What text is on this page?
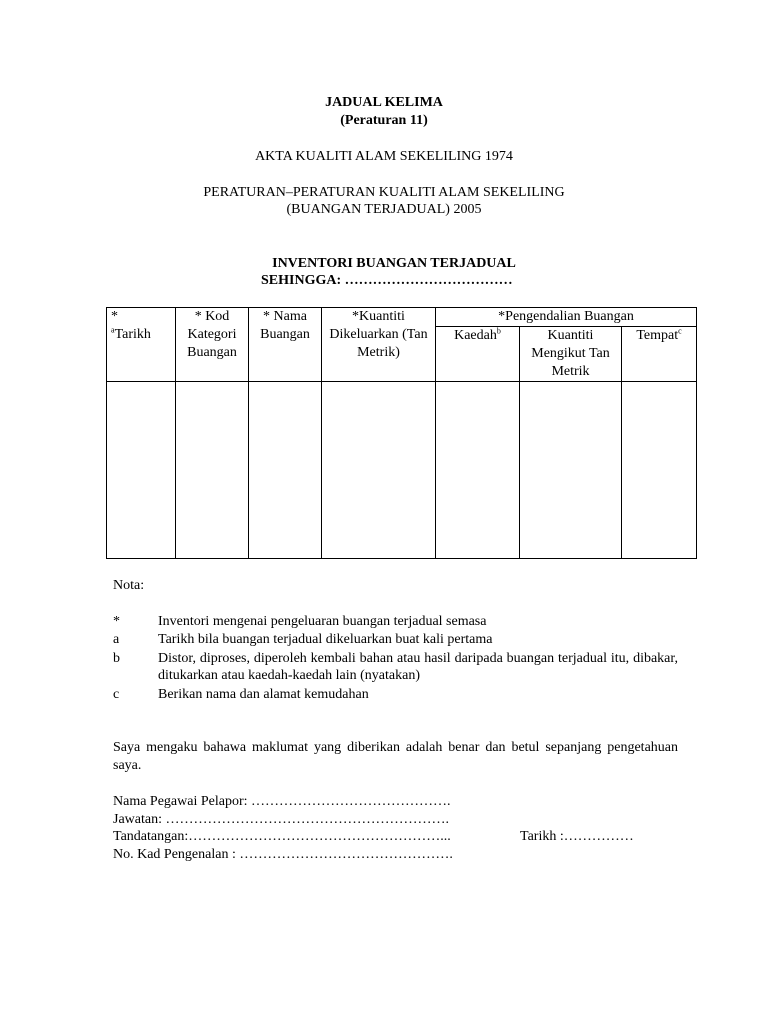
JADUAL KELIMA
(Peraturan 11)
AKTA KUALITI ALAM SEKELILING 1974
PERATURAN–PERATURAN KUALITI ALAM SEKELILING
(BUANGAN TERJADUAL) 2005
INVENTORI BUANGAN TERJADUAL
SEHINGGA: ………………………………
*
$^a$Tarikh	* Kod Kategori Buangan	* Nama Buangan	*Kuantiti Dikeluarkan (Tan Metrik)	*Pengendalian Buangan		
				Kaedah$^b$	Kuantiti Mengikut Tan Metrik	Tempat$^c$

Nota:
*	Inventori mengenai pengeluaran buangan terjadual semasa
a	Tarikh bila buangan terjadual dikeluarkan buat kali pertama
b	Distor, diproses, diperoleh kembali bahan atau hasil daripada buangan terjadual itu, dibakar, ditukarkan atau kaedah-kaedah lain (nyatakan)
c	Berikan nama dan alamat kemudahan
Saya mengaku bahawa maklumat yang diberikan adalah benar dan betul sepanjang pengetahuan saya.
Nama Pegawai Pelapor: …………………………………….
Jawatan: …………………………………………………….
Tandatangan:………………………………………………...	Tarikh :……………
No. Kad Pengenalan : ……………………………………….
